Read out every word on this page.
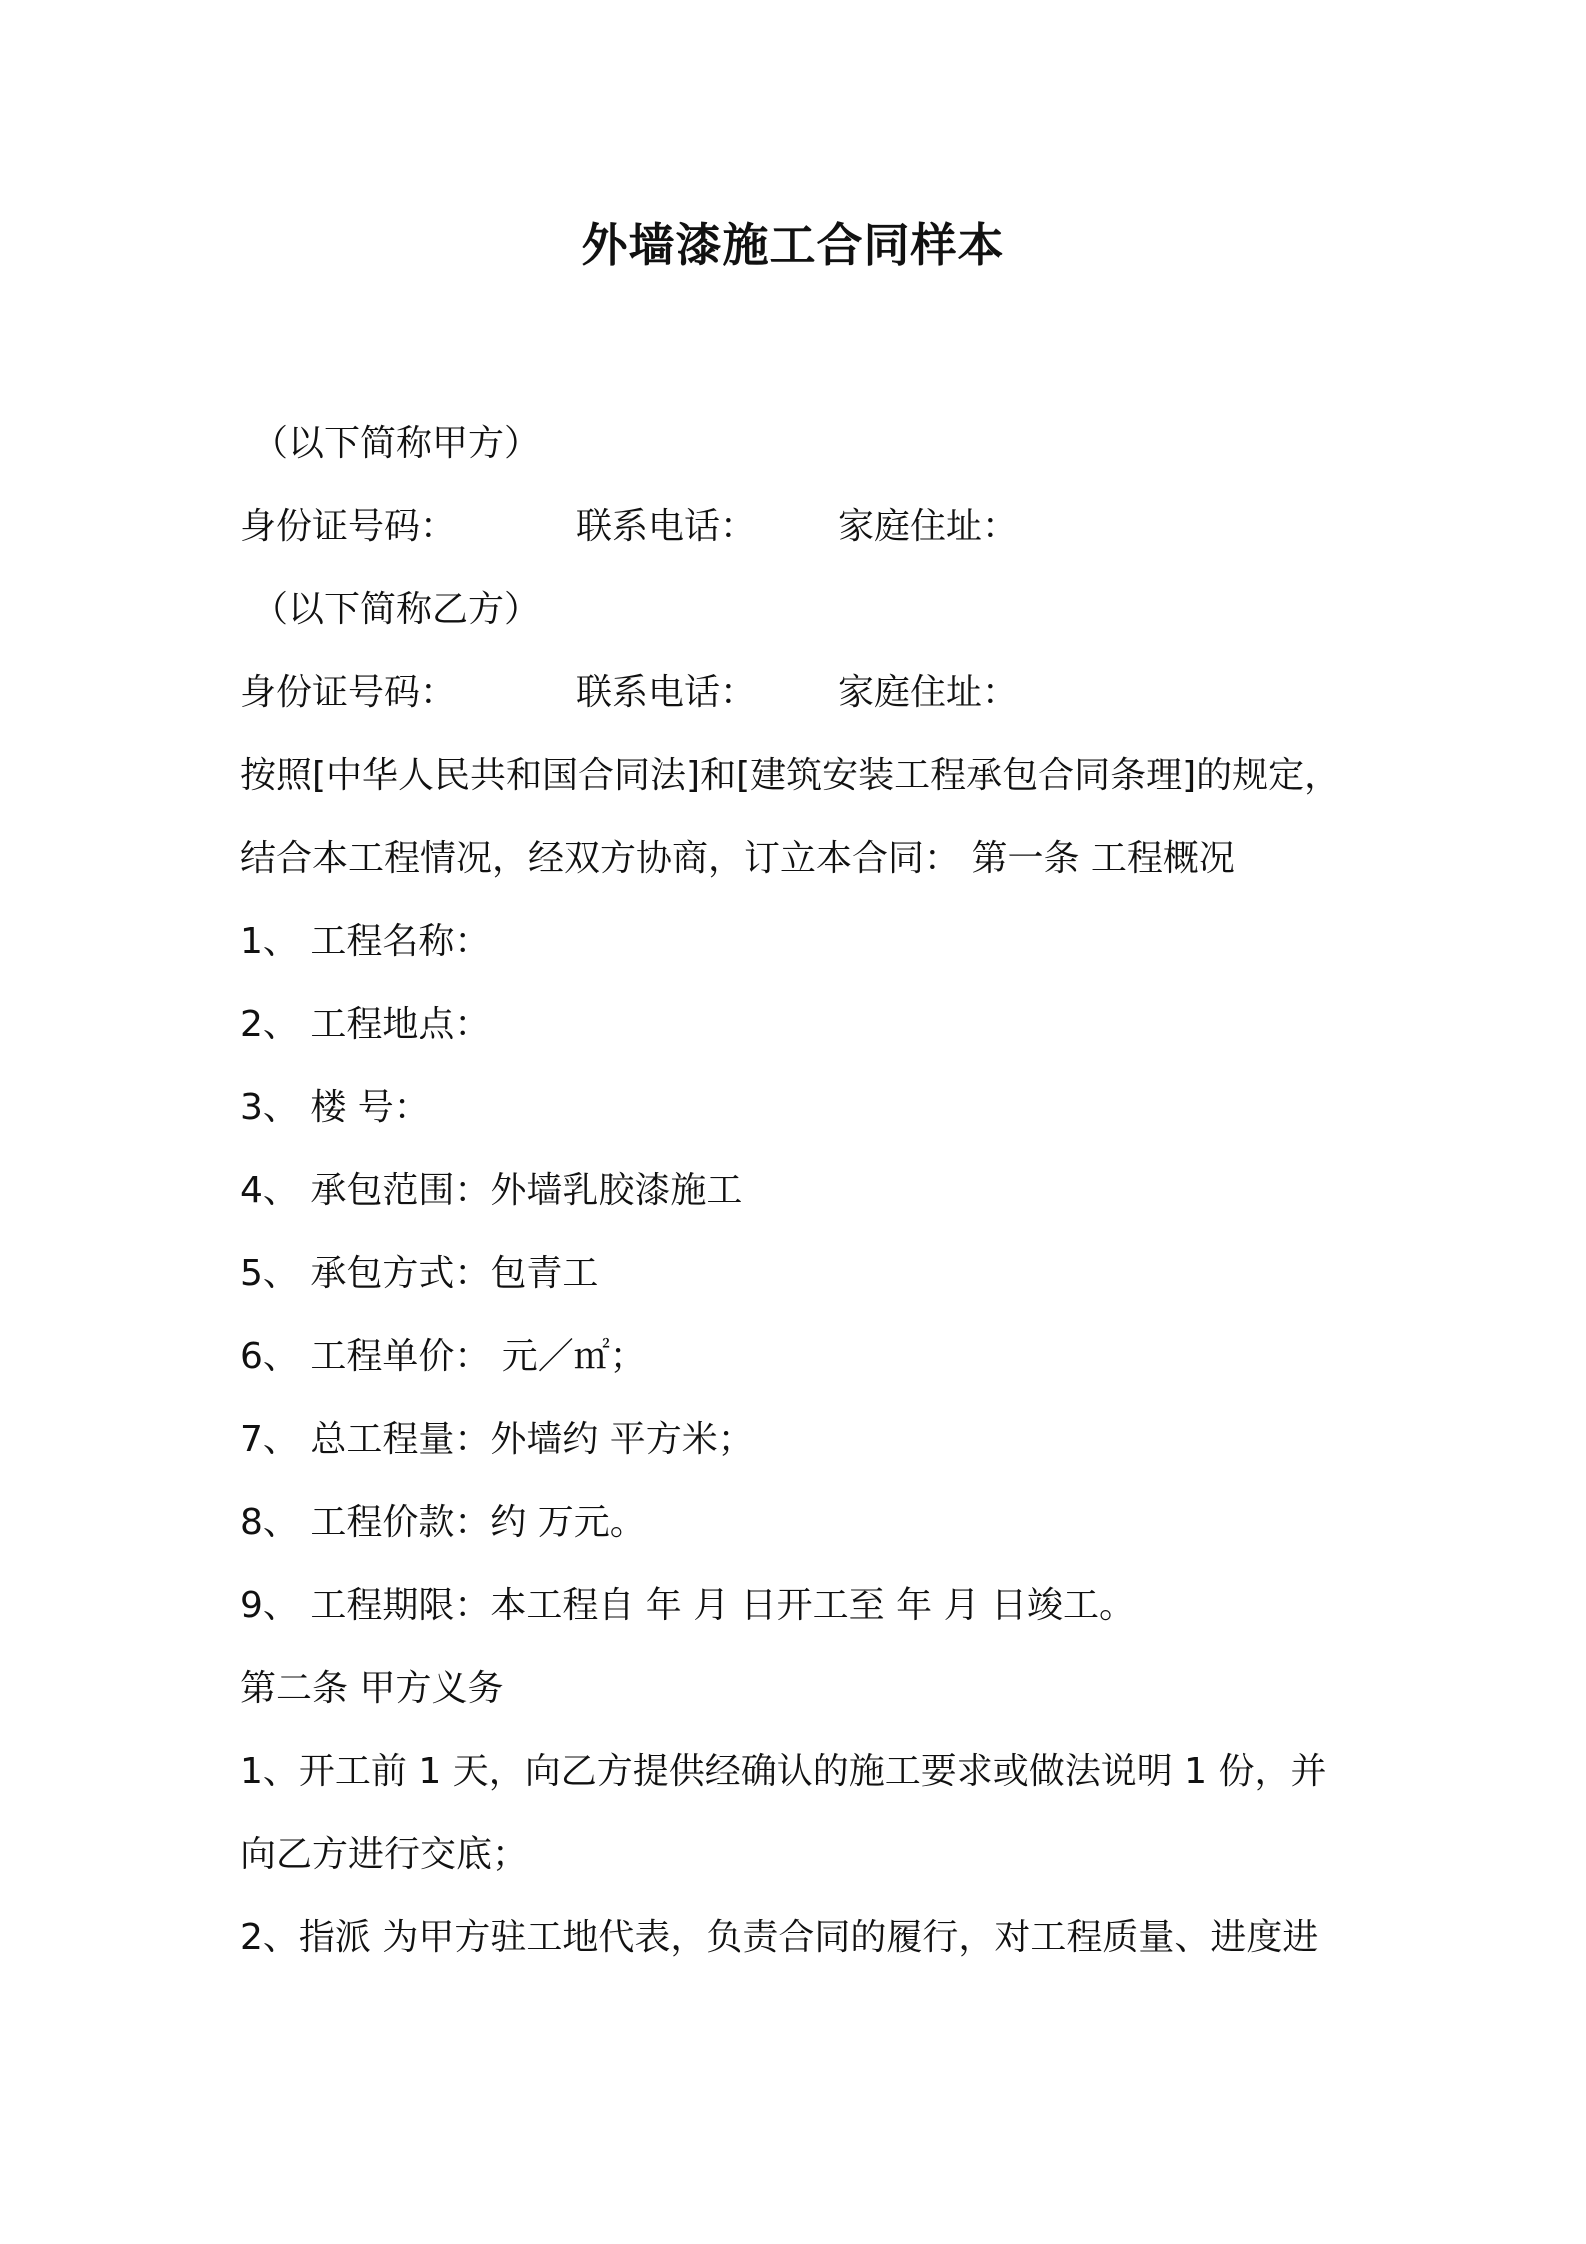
外墙漆施工合同样本
（以下简称甲方）
身份证号码：	联系电话： 家庭住址：
（以下简称乙方）
身份证号码：	联系电话： 家庭住址：
按照[中华人民共和国合同法]和[建筑安装工程承包合同条理]的规定，
结合本工程情况，经双方协商，订立本合同： 第一条 工程概况
1、 工程名称：
2、 工程地点：
3、 楼 号：
4、 承包范围：外墙乳胶漆施工
5、 承包方式：包青工
6、 工程单价： 元／㎡；
7、 总工程量：外墙约 平方米；
8、 工程价款：约 万元。
9、 工程期限：本工程自 年 月 日开工至 年 月 日竣工。
第二条 甲方义务
1、开工前 1 天，向乙方提供经确认的施工要求或做法说明 1 份，并
向乙方进行交底；
2、指派 为甲方驻工地代表，负责合同的履行，对工程质量、进度进
